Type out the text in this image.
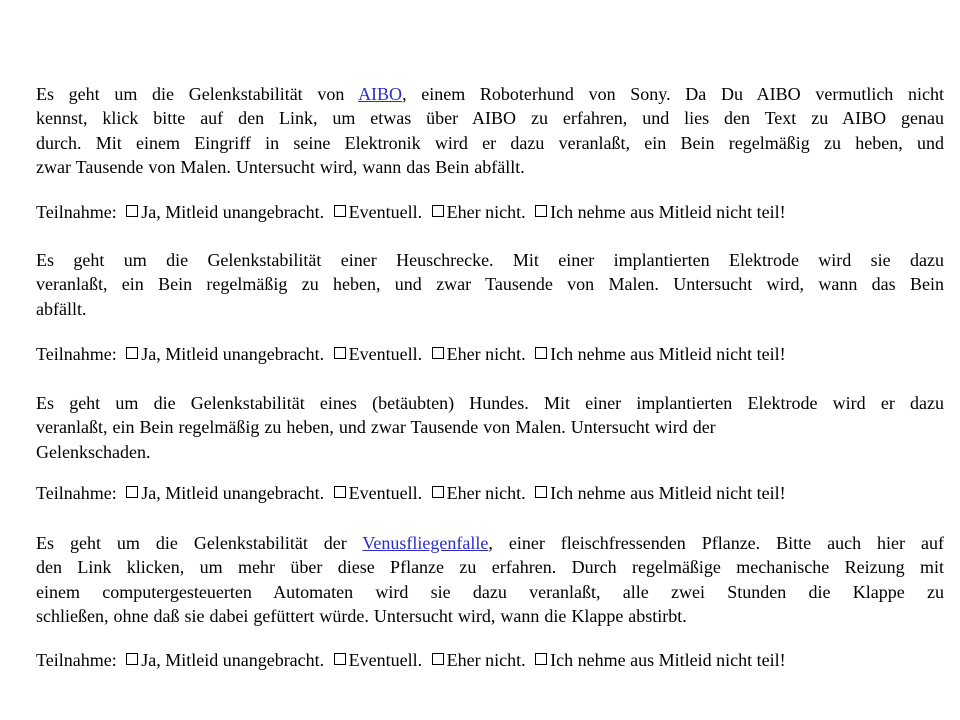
Es geht um die Gelenkstabilität von AIBO, einem Roboterhund von Sony. Da Du AIBO vermutlich nicht
kennst, klick bitte auf den Link, um etwas über AIBO zu erfahren, und lies den Text zu AIBO genau
durch. Mit einem Eingriff in seine Elektronik wird er dazu veranlaßt, ein Bein regelmäßig zu heben, und
zwar Tausende von Malen. Untersucht wird, wann das Bein abfällt.

Teilnahme: Ja, Mitleid unangebracht. Eventuell. Eher nicht. Ich nehme aus Mitleid nicht teil!

Es geht um die Gelenkstabilität einer Heuschrecke. Mit einer implantierten Elektrode wird sie dazu
veranlaßt, ein Bein regelmäßig zu heben, und zwar Tausende von Malen. Untersucht wird, wann das Bein
abfällt.

Teilnahme: Ja, Mitleid unangebracht. Eventuell. Eher nicht. Ich nehme aus Mitleid nicht teil!

Es geht um die Gelenkstabilität eines (betäubten) Hundes. Mit einer implantierten Elektrode wird er dazu
veranlaßt, ein Bein regelmäßig zu heben, und zwar Tausende von Malen. Untersucht wird der
Gelenkschaden.

Teilnahme: Ja, Mitleid unangebracht. Eventuell. Eher nicht. Ich nehme aus Mitleid nicht teil!

Es geht um die Gelenkstabilität der Venusfliegenfalle, einer fleischfressenden Pflanze. Bitte auch hier auf
den Link klicken, um mehr über diese Pflanze zu erfahren. Durch regelmäßige mechanische Reizung mit
einem computergesteuerten Automaten wird sie dazu veranlaßt, alle zwei Stunden die Klappe zu
schließen, ohne daß sie dabei gefüttert würde. Untersucht wird, wann die Klappe abstirbt.

Teilnahme: Ja, Mitleid unangebracht. Eventuell. Eher nicht. Ich nehme aus Mitleid nicht teil!
